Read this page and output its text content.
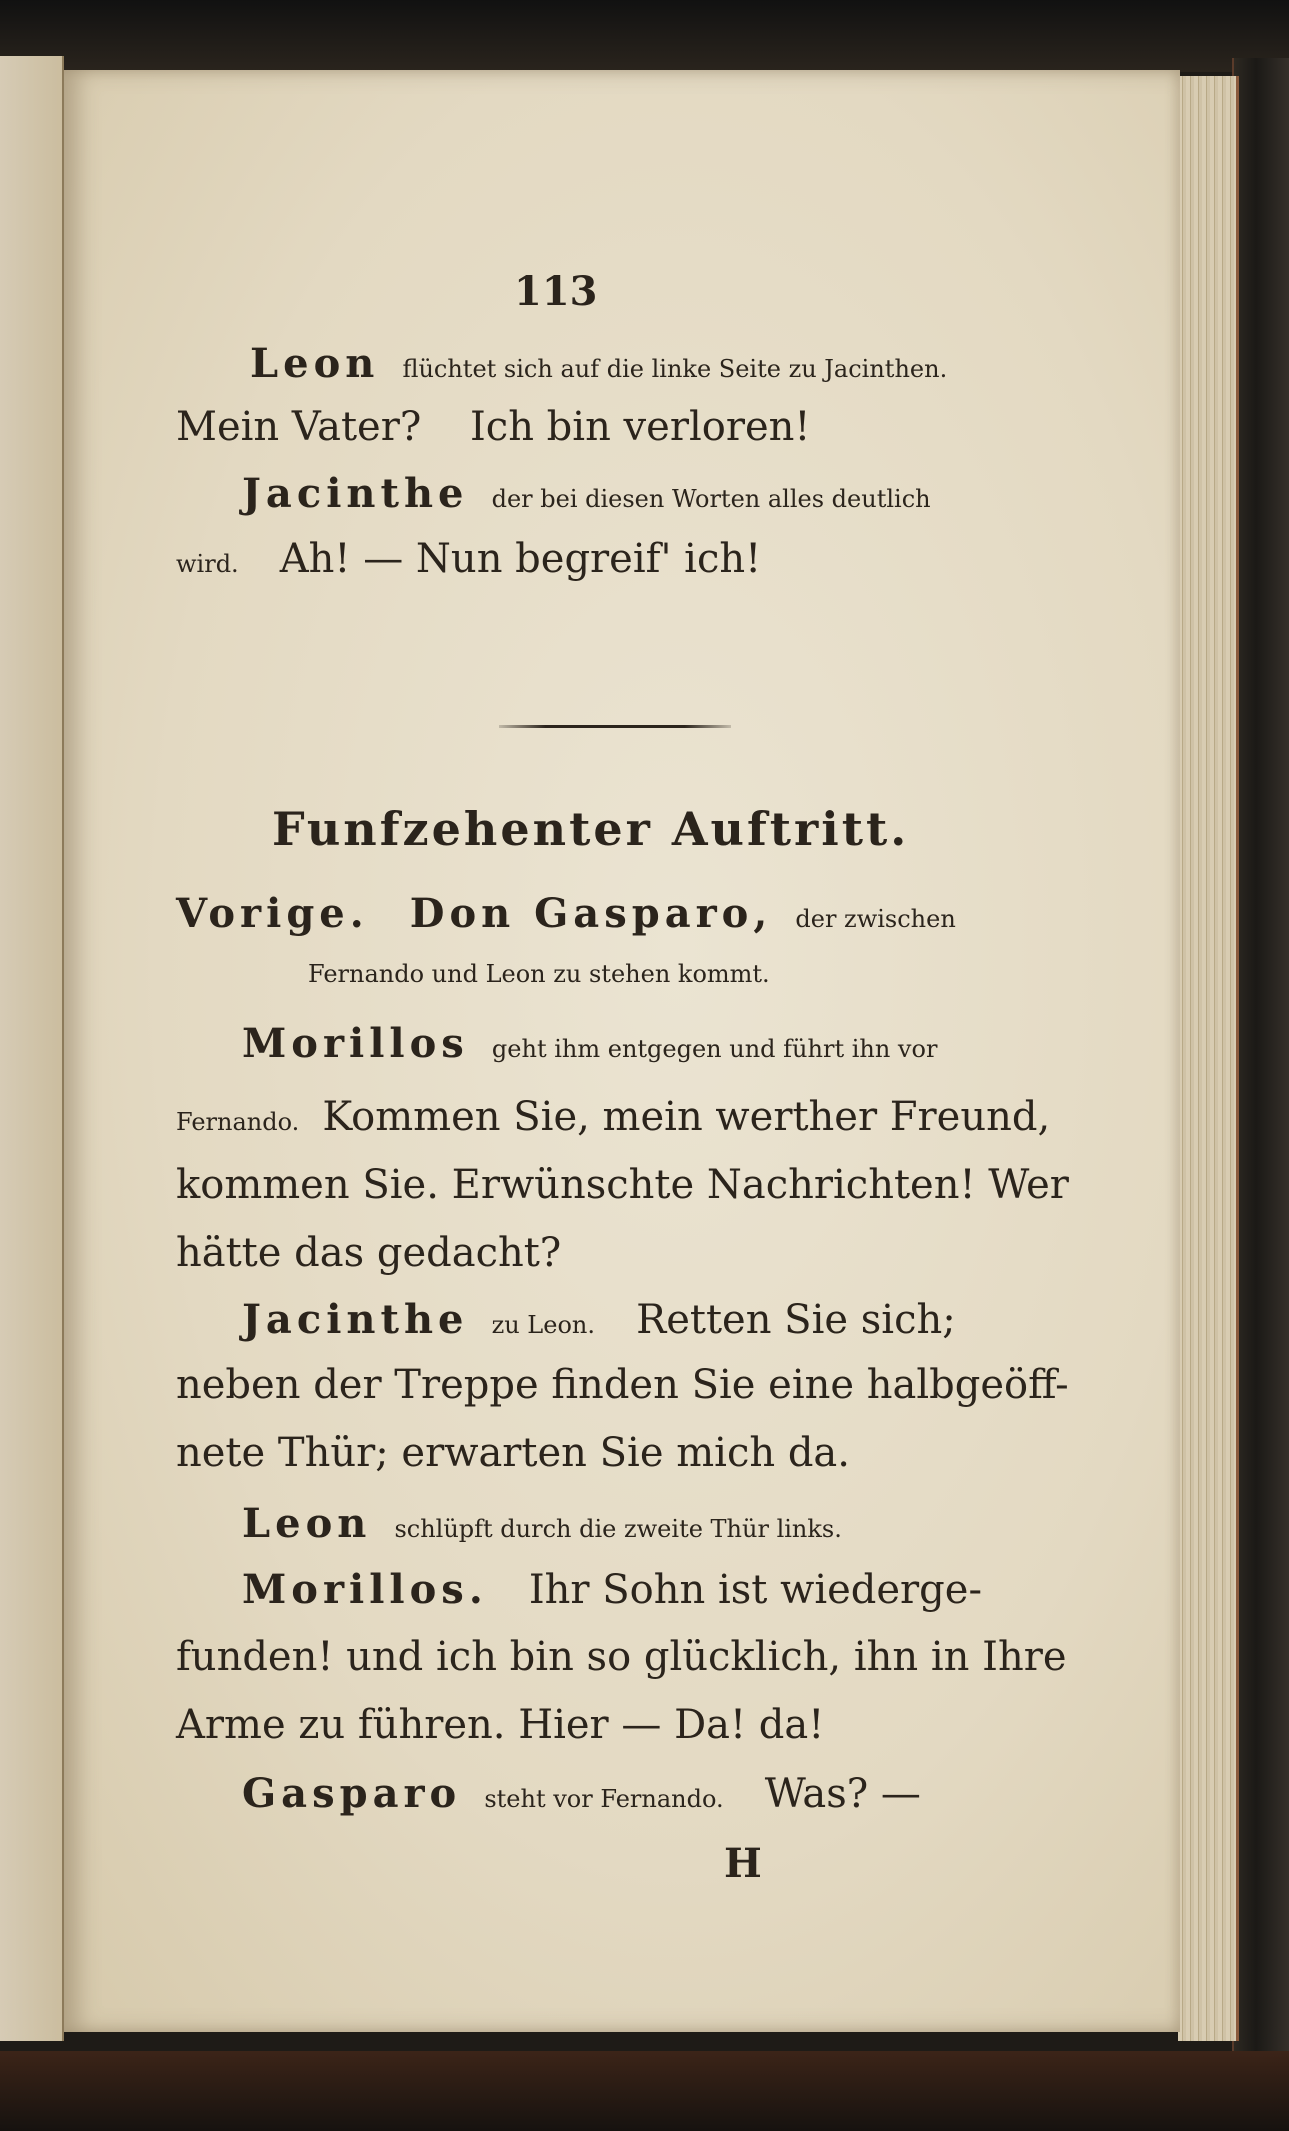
113
Leon flüchtet sich auf die linke Seite zu Jacinthen.
Mein Vater? Ich bin verloren!
Jacinthe der bei diesen Worten alles deutlich
wird. Ah! — Nun begreif' ich!
Funfzehenter Auftritt.
Vorige. Don Gasparo, der zwischen
Fernando und Leon zu stehen kommt.
Morillos geht ihm entgegen und führt ihn vor
Fernando. Kommen Sie, mein werther Freund,
kommen Sie. Erwünschte Nachrichten! Wer
hätte das gedacht?
Jacinthe zu Leon. Retten Sie sich;
neben der Treppe finden Sie eine halbgeöff-
nete Thür; erwarten Sie mich da.
Leon schlüpft durch die zweite Thür links.
Morillos. Ihr Sohn ist wiederge-
funden! und ich bin so glücklich, ihn in Ihre
Arme zu führen. Hier — Da! da!
Gasparo steht vor Fernando. Was? —
H
